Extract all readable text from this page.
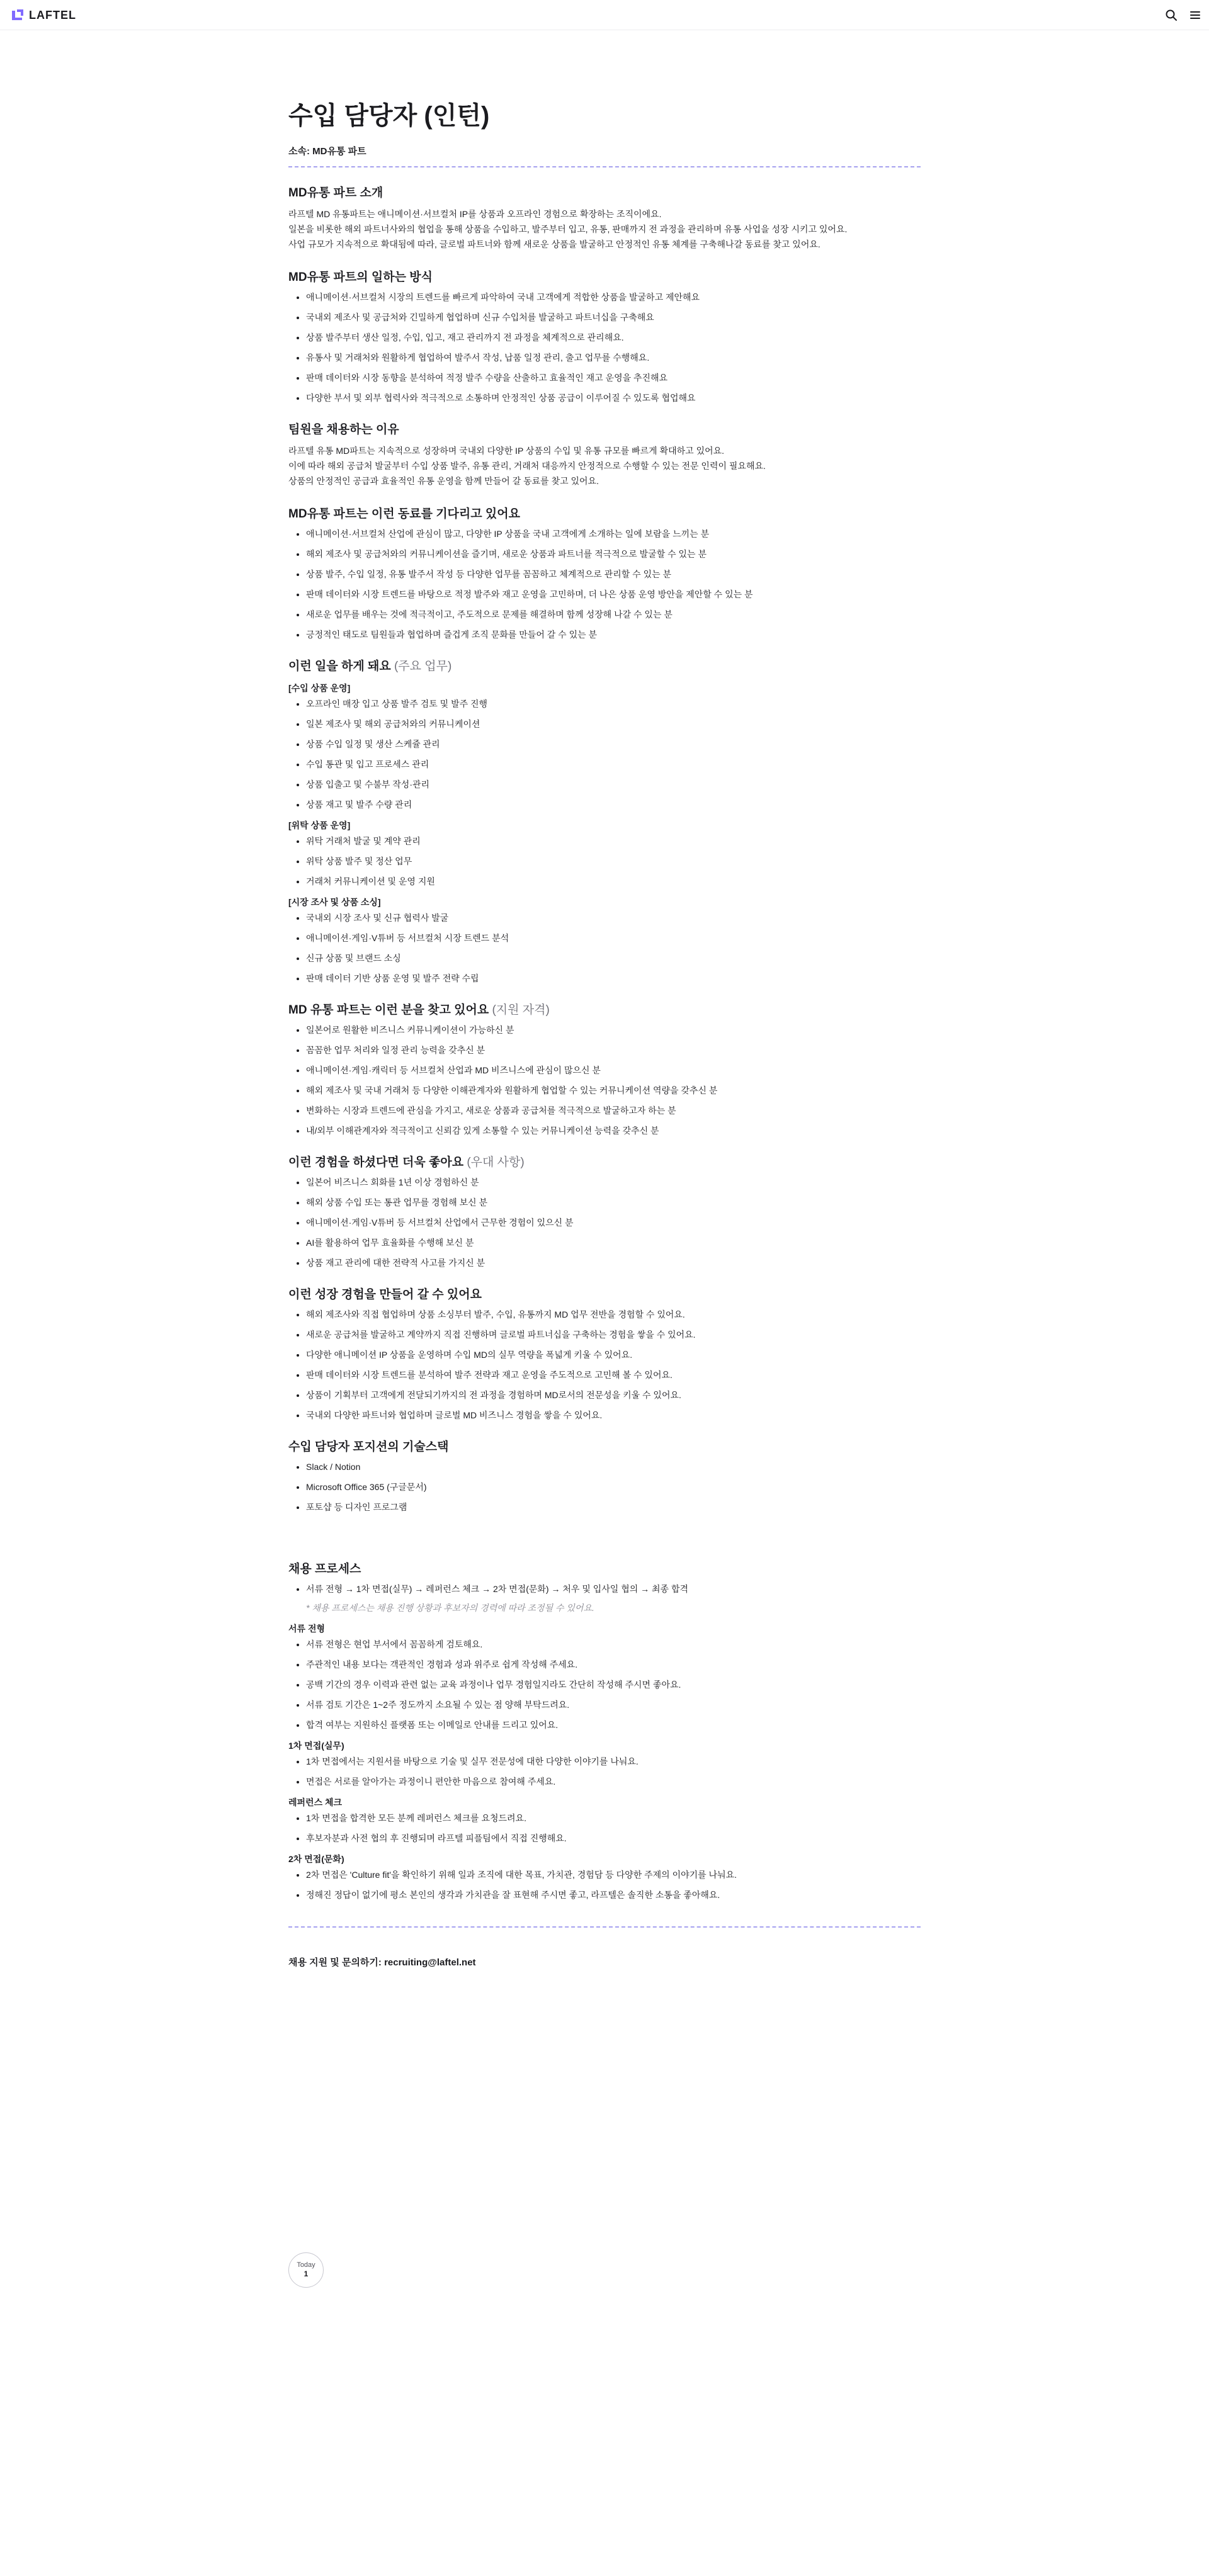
LAFTEL
수입 담당자 (인턴)
소속: MD유통 파트
MD유통 파트 소개

라프텔 MD 유통파트는 애니메이션·서브컬처 IP를 상품과 오프라인 경험으로 확장하는 조직이에요.

일본을 비롯한 해외 파트너사와의 협업을 통해 상품을 수입하고, 발주부터 입고, 유통, 판매까지 전 과정을 관리하며 유통 사업을 성장 시키고 있어요.

사업 규모가 지속적으로 확대됨에 따라, 글로벌 파트너와 함께 새로운 상품을 발굴하고 안정적인 유통 체계를 구축해나갈 동료를 찾고 있어요.

MD유통 파트의 일하는 방식
• 애니메이션·서브컬처 시장의 트렌드를 빠르게 파악하여 국내 고객에게 적합한 상품을 발굴하고 제안해요
• 국내외 제조사 및 공급처와 긴밀하게 협업하며 신규 수입처를 발굴하고 파트너십을 구축해요
• 상품 발주부터 생산 일정, 수입, 입고, 재고 관리까지 전 과정을 체계적으로 관리해요.
• 유통사 및 거래처와 원활하게 협업하여 발주서 작성, 납품 일정 관리, 출고 업무를 수행해요.
• 판매 데이터와 시장 동향을 분석하여 적정 발주 수량을 산출하고 효율적인 재고 운영을 추진해요
• 다양한 부서 및 외부 협력사와 적극적으로 소통하며 안정적인 상품 공급이 이루어질 수 있도록 협업해요
팀원을 채용하는 이유

라프텔 유통 MD파트는 지속적으로 성장하며 국내외 다양한 IP 상품의 수입 및 유통 규모를 빠르게 확대하고 있어요.

이에 따라 해외 공급처 발굴부터 수입 상품 발주, 유통 관리, 거래처 대응까지 안정적으로 수행할 수 있는 전문 인력이 필요해요.

상품의 안정적인 공급과 효율적인 유통 운영을 함께 만들어 갈 동료를 찾고 있어요.

MD유통 파트는 이런 동료를 기다리고 있어요
• 애니메이션·서브컬처 산업에 관심이 많고, 다양한 IP 상품을 국내 고객에게 소개하는 일에 보람을 느끼는 분
• 해외 제조사 및 공급처와의 커뮤니케이션을 즐기며, 새로운 상품과 파트너를 적극적으로 발굴할 수 있는 분
• 상품 발주, 수입 일정, 유통 발주서 작성 등 다양한 업무를 꼼꼼하고 체계적으로 관리할 수 있는 분
• 판매 데이터와 시장 트렌드를 바탕으로 적정 발주와 재고 운영을 고민하며, 더 나은 상품 운영 방안을 제안할 수 있는 분
• 새로운 업무를 배우는 것에 적극적이고, 주도적으로 문제를 해결하며 함께 성장해 나갈 수 있는 분
• 긍정적인 태도로 팀원들과 협업하며 즐겁게 조직 문화를 만들어 갈 수 있는 분
이런 일을 하게 돼요 (주요 업무)
[수입 상품 운영]
• 오프라인 매장 입고 상품 발주 검토 및 발주 진행
• 일본 제조사 및 해외 공급처와의 커뮤니케이션
• 상품 수입 일정 및 생산 스케쥴 관리
• 수입 통관 및 입고 프로세스 관리
• 상품 입출고 및 수불부 작성·관리
• 상품 재고 및 발주 수량 관리
[위탁 상품 운영]
• 위탁 거래처 발굴 및 계약 관리
• 위탁 상품 발주 및 정산 업무
• 거래처 커뮤니케이션 및 운영 지원
[시장 조사 및 상품 소싱]
• 국내외 시장 조사 및 신규 협력사 발굴
• 애니메이션·게임·V튜버 등 서브컬처 시장 트렌드 분석
• 신규 상품 및 브랜드 소싱
• 판매 데이터 기반 상품 운영 및 발주 전략 수립
MD 유통 파트는 이런 분을 찾고 있어요 (지원 자격)
• 일본어로 원활한 비즈니스 커뮤니케이션이 가능하신 분
• 꼼꼼한 업무 처리와 일정 관리 능력을 갖추신 분
• 애니메이션·게임·캐릭터 등 서브컬처 산업과 MD 비즈니스에 관심이 많으신 분
• 해외 제조사 및 국내 거래처 등 다양한 이해관계자와 원활하게 협업할 수 있는 커뮤니케이션 역량을 갖추신 분
• 변화하는 시장과 트렌드에 관심을 가지고, 새로운 상품과 공급처를 적극적으로 발굴하고자 하는 분
• 내/외부 이해관계자와 적극적이고 신뢰감 있게 소통할 수 있는 커뮤니케이션 능력을 갖추신 분
이런 경험을 하셨다면 더욱 좋아요 (우대 사항)
• 일본어 비즈니스 회화를 1년 이상 경험하신 분
• 해외 상품 수입 또는 통관 업무를 경험해 보신 분
• 애니메이션·게임·V튜버 등 서브컬처 산업에서 근무한 경험이 있으신 분
• AI를 활용하여 업무 효율화를 수행해 보신 분
• 상품 재고 관리에 대한 전략적 사고를 가지신 분
이런 성장 경험을 만들어 갈 수 있어요
• 해외 제조사와 직접 협업하며 상품 소싱부터 발주, 수입, 유통까지 MD 업무 전반을 경험할 수 있어요.
• 새로운 공급처를 발굴하고 계약까지 직접 진행하며 글로벌 파트너십을 구축하는 경험을 쌓을 수 있어요.
• 다양한 애니메이션 IP 상품을 운영하며 수입 MD의 실무 역량을 폭넓게 키울 수 있어요.
• 판매 데이터와 시장 트렌드를 분석하여 발주 전략과 재고 운영을 주도적으로 고민해 볼 수 있어요.
• 상품이 기획부터 고객에게 전달되기까지의 전 과정을 경험하며 MD로서의 전문성을 키울 수 있어요.
• 국내외 다양한 파트너와 협업하며 글로벌 MD 비즈니스 경험을 쌓을 수 있어요.
수입 담당자 포지션의 기술스택
• Slack / Notion
• Microsoft Office 365 (구글문서)
• 포토샵 등 디자인 프로그램
채용 프로세스
• 서류 전형 → 1차 면접(실무) → 레퍼런스 체크 → 2차 면접(문화) → 처우 및 입사일 협의 → 최종 합격
* 채용 프로세스는 채용 진행 상황과 후보자의 경력에 따라 조정될 수 있어요.
서류 전형
• 서류 전형은 현업 부서에서 꼼꼼하게 검토해요.
• 주관적인 내용 보다는 객관적인 경험과 성과 위주로 쉽게 작성해 주세요.
• 공백 기간의 경우 이력과 관련 없는 교육 과정이나 업무 경험일지라도 간단히 작성해 주시면 좋아요.
• 서류 검토 기간은 1~2주 정도까지 소요될 수 있는 점 양해 부탁드려요.
• 합격 여부는 지원하신 플랫폼 또는 이메일로 안내를 드리고 있어요.
1차 면접(실무)
• 1차 면접에서는 지원서를 바탕으로 기술 및 실무 전문성에 대한 다양한 이야기를 나눠요.
• 면접은 서로를 알아가는 과정이니 편안한 마음으로 참여해 주세요.
레퍼런스 체크
• 1차 면접을 합격한 모든 분께 레퍼런스 체크를 요청드려요.
• 후보자분과 사전 협의 후 진행되며 라프텔 피플팀에서 직접 진행해요.
2차 면접(문화)
• 2차 면접은 'Culture fit'을 확인하기 위해 일과 조직에 대한 목표, 가치관, 경험담 등 다양한 주제의 이야기를 나눠요.
• 정해진 정답이 없기에 평소 본인의 생각과 가치관을 잘 표현해 주시면 좋고, 라프텔은 솔직한 소통을 좋아해요.
채용 지원 및 문의하기: recruiting@laftel.net
Today
1
